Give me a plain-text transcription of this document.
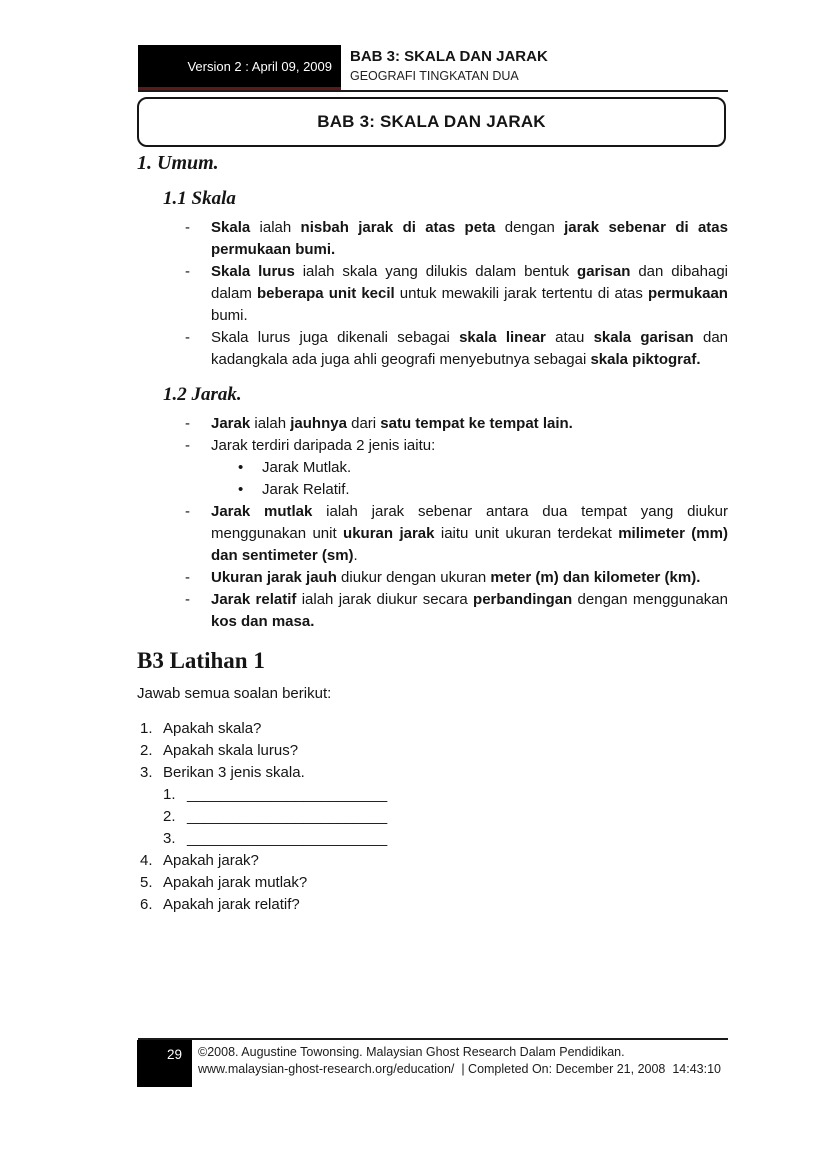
Version 2 : April 09, 2009
BAB 3: SKALA DAN JARAK
GEOGRAFI TINGKATAN DUA
BAB 3: SKALA DAN JARAK
1. Umum.
1.1 Skala
- Skala ialah nisbah jarak di atas peta dengan jarak sebenar di atas permukaan bumi.
- Skala lurus ialah skala yang dilukis dalam bentuk garisan dan dibahagi dalam beberapa unit kecil untuk mewakili jarak tertentu di atas permukaan bumi.
- Skala lurus juga dikenali sebagai skala linear atau skala garisan dan kadangkala ada juga ahli geografi menyebutnya sebagai skala piktograf.
1.2 Jarak.
- Jarak ialah jauhnya dari satu tempat ke tempat lain.
- Jarak terdiri daripada 2 jenis iaitu:
• Jarak Mutlak.
• Jarak Relatif.
- Jarak mutlak ialah jarak sebenar antara dua tempat yang diukur menggunakan unit ukuran jarak iaitu unit ukuran terdekat milimeter (mm) dan sentimeter (sm).
- Ukuran jarak jauh diukur dengan ukuran meter (m) dan kilometer (km).
- Jarak relatif ialah jarak diukur secara perbandingan dengan menggunakan kos dan masa.
B3 Latihan 1

Jawab semua soalan berikut:

1. Apakah skala?
2. Apakah skala lurus?
3. Berikan 3 jenis skala.
1. ________________________
2. ________________________
3. ________________________
4. Apakah jarak?
5. Apakah jarak mutlak?
6. Apakah jarak relatif?
29	©2008. Augustine Towonsing. Malaysian Ghost Research Dalam Pendidikan.
www.malaysian-ghost-research.org/education/  | Completed On: December 21, 2008  14:43:10
